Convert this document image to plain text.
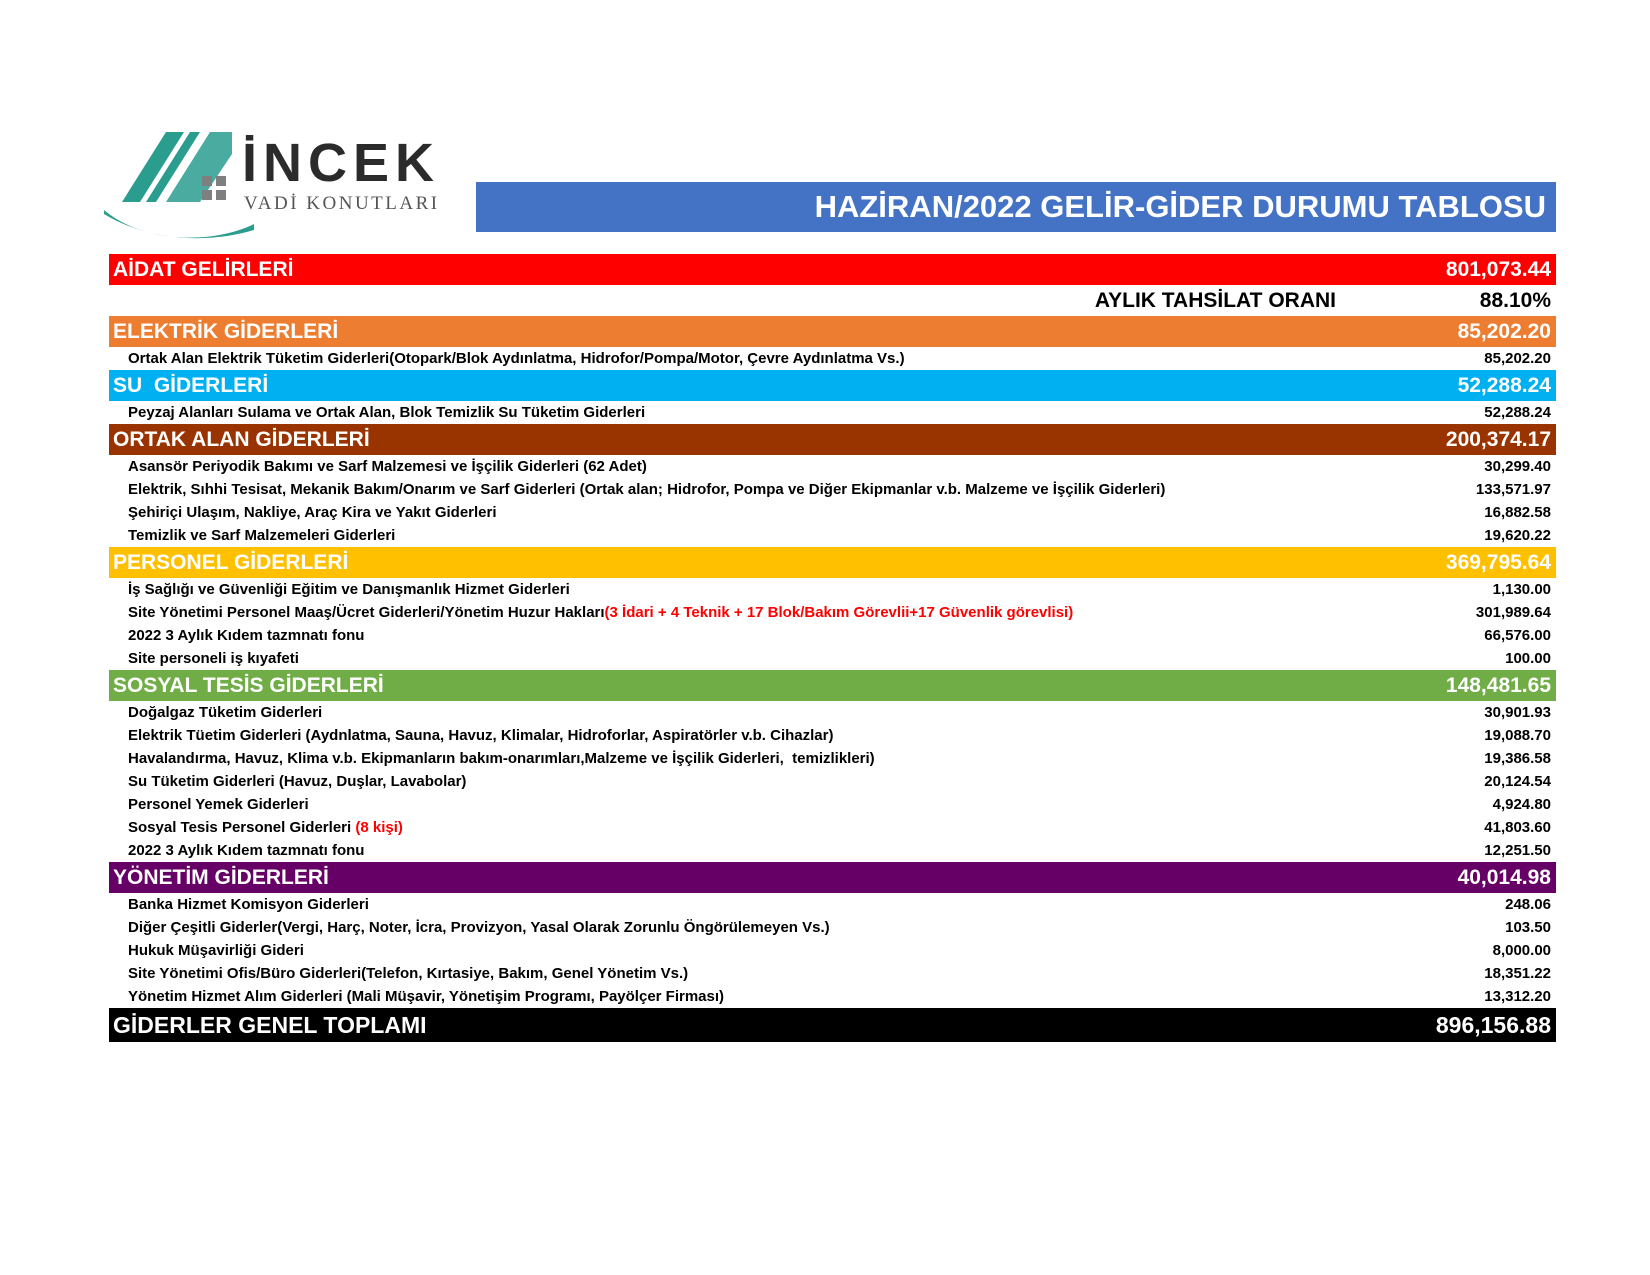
İNCEK
VADİ KONUTLARI	HAZİRAN/2022 GELİR-GİDER DURUMU TABLOSU
AİDAT GELİRLERİ	801,073.44
AYLIK TAHSİLAT ORANI	88.10%
ELEKTRİK GİDERLERİ	85,202.20
Ortak Alan Elektrik Tüketim Giderleri(Otopark/Blok Aydınlatma, Hidrofor/Pompa/Motor, Çevre Aydınlatma Vs.)	85,202.20
SU  GİDERLERİ	52,288.24
Peyzaj Alanları Sulama ve Ortak Alan, Blok Temizlik Su Tüketim Giderleri	52,288.24
ORTAK ALAN GİDERLERİ	200,374.17
Asansör Periyodik Bakımı ve Sarf Malzemesi ve İşçilik Giderleri (62 Adet)	30,299.40
Elektrik, Sıhhi Tesisat, Mekanik Bakım/Onarım ve Sarf Giderleri (Ortak alan; Hidrofor, Pompa ve Diğer Ekipmanlar v.b. Malzeme ve İşçilik Giderleri)	133,571.97
Şehiriçi Ulaşım, Nakliye, Araç Kira ve Yakıt Giderleri	16,882.58
Temizlik ve Sarf Malzemeleri Giderleri	19,620.22
PERSONEL GİDERLERİ	369,795.64
İş Sağlığı ve Güvenliği Eğitim ve Danışmanlık Hizmet Giderleri	1,130.00
Site Yönetimi Personel Maaş/Ücret Giderleri/Yönetim Huzur Hakları(3 İdari + 4 Teknik + 17 Blok/Bakım Görevlii+17 Güvenlik görevlisi)	301,989.64
2022 3 Aylık Kıdem tazmnatı fonu	66,576.00
Site personeli iş kıyafeti	100.00
SOSYAL TESİS GİDERLERİ	148,481.65
Doğalgaz Tüketim Giderleri	30,901.93
Elektrik Tüetim Giderleri (Aydnlatma, Sauna, Havuz, Klimalar, Hidroforlar, Aspiratörler v.b. Cihazlar)	19,088.70
Havalandırma, Havuz, Klima v.b. Ekipmanların bakım-onarımları,Malzeme ve İşçilik Giderleri,  temizlikleri)	19,386.58
Su Tüketim Giderleri (Havuz, Duşlar, Lavabolar)	20,124.54
Personel Yemek Giderleri	4,924.80
Sosyal Tesis Personel Giderleri (8 kişi)	41,803.60
2022 3 Aylık Kıdem tazmnatı fonu	12,251.50
YÖNETİM GİDERLERİ	40,014.98
Banka Hizmet Komisyon Giderleri	248.06
Diğer Çeşitli Giderler(Vergi, Harç, Noter, İcra, Provizyon, Yasal Olarak Zorunlu Öngörülemeyen Vs.)	103.50
Hukuk Müşavirliği Gideri	8,000.00
Site Yönetimi Ofis/Büro Giderleri(Telefon, Kırtasiye, Bakım, Genel Yönetim Vs.)	18,351.22
Yönetim Hizmet Alım Giderleri (Mali Müşavir, Yönetişim Programı, Payölçer Firması)	13,312.20
GİDERLER GENEL TOPLAMI	896,156.88
